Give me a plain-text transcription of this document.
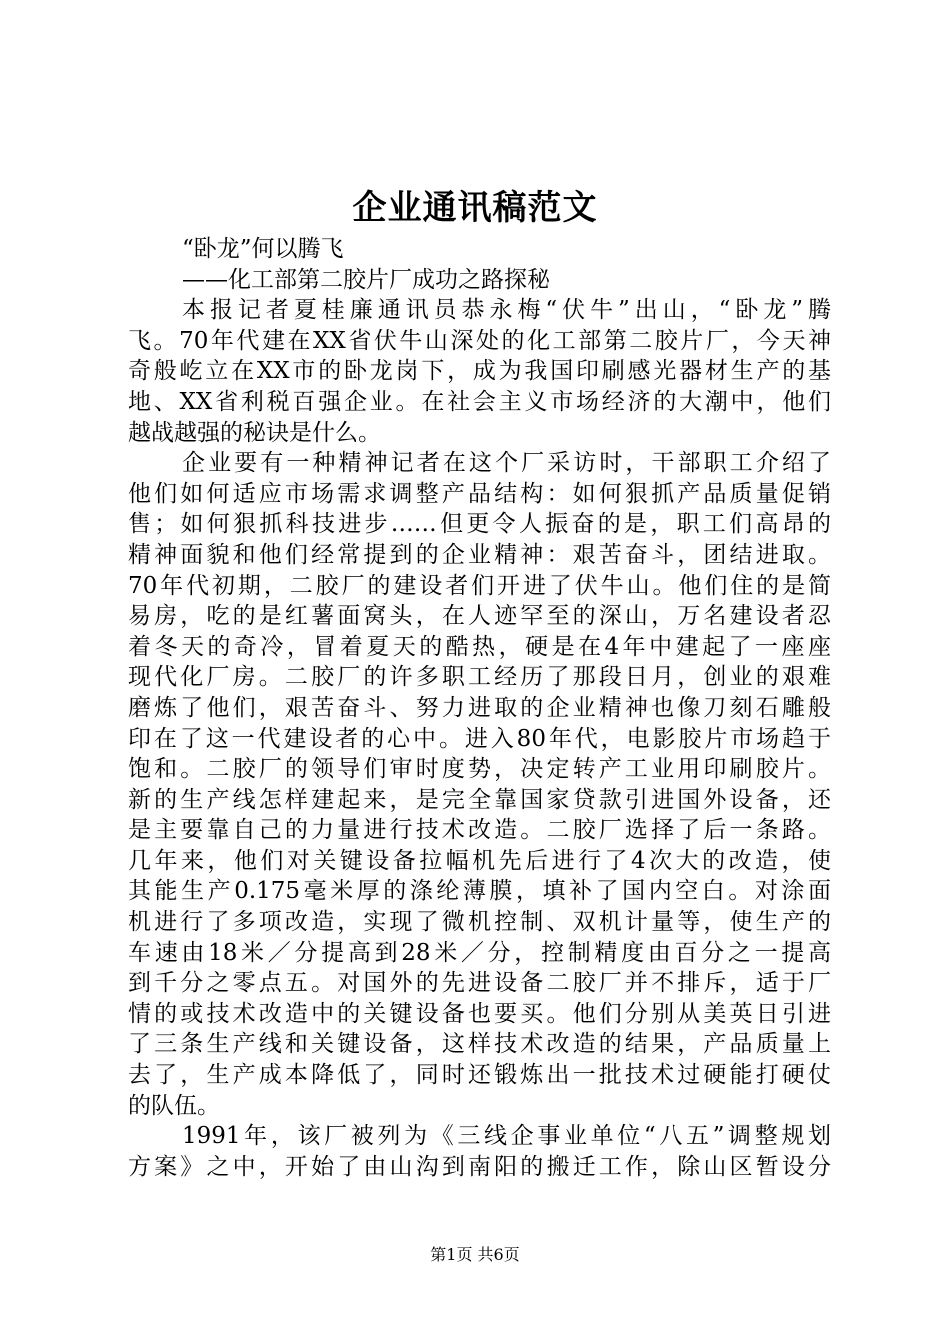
企业通讯稿范文

“卧龙”何以腾飞

——化工部第二胶片厂成功之路探秘

本报记者夏桂廉通讯员恭永梅“伏牛”出山，“卧龙”腾

飞。70年代建在XX省伏牛山深处的化工部第二胶片厂，今天神

奇般屹立在XX市的卧龙岗下，成为我国印刷感光器材生产的基

地、XX省利税百强企业。在社会主义市场经济的大潮中，他们

越战越强的秘诀是什么。

企业要有一种精神记者在这个厂采访时，干部职工介绍了

他们如何适应市场需求调整产品结构：如何狠抓产品质量促销

售；如何狠抓科技进步……但更令人振奋的是，职工们高昂的

精神面貌和他们经常提到的企业精神：艰苦奋斗，团结进取。

70年代初期，二胶厂的建设者们开进了伏牛山。他们住的是简

易房，吃的是红薯面窝头，在人迹罕至的深山，万名建设者忍

着冬天的奇冷，冒着夏天的酷热，硬是在4年中建起了一座座

现代化厂房。二胶厂的许多职工经历了那段日月，创业的艰难

磨炼了他们，艰苦奋斗、努力进取的企业精神也像刀刻石雕般

印在了这一代建设者的心中。进入80年代，电影胶片市场趋于

饱和。二胶厂的领导们审时度势，决定转产工业用印刷胶片。

新的生产线怎样建起来，是完全靠国家贷款引进国外设备，还

是主要靠自己的力量进行技术改造。二胶厂选择了后一条路。

几年来，他们对关键设备拉幅机先后进行了4次大的改造，使

其能生产0.175毫米厚的涤纶薄膜，填补了国内空白。对涂面

机进行了多项改造，实现了微机控制、双机计量等，使生产的

车速由18米／分提高到28米／分，控制精度由百分之一提高

到千分之零点五。对国外的先进设备二胶厂并不排斥，适于厂

情的或技术改造中的关键设备也要买。他们分别从美英日引进

了三条生产线和关键设备，这样技术改造的结果，产品质量上

去了，生产成本降低了，同时还锻炼出一批技术过硬能打硬仗

的队伍。

1991年，该厂被列为《三线企事业单位“八五”调整规划

方案》之中，开始了由山沟到南阳的搬迁工作，除山区暂设分

第1页 共6页
